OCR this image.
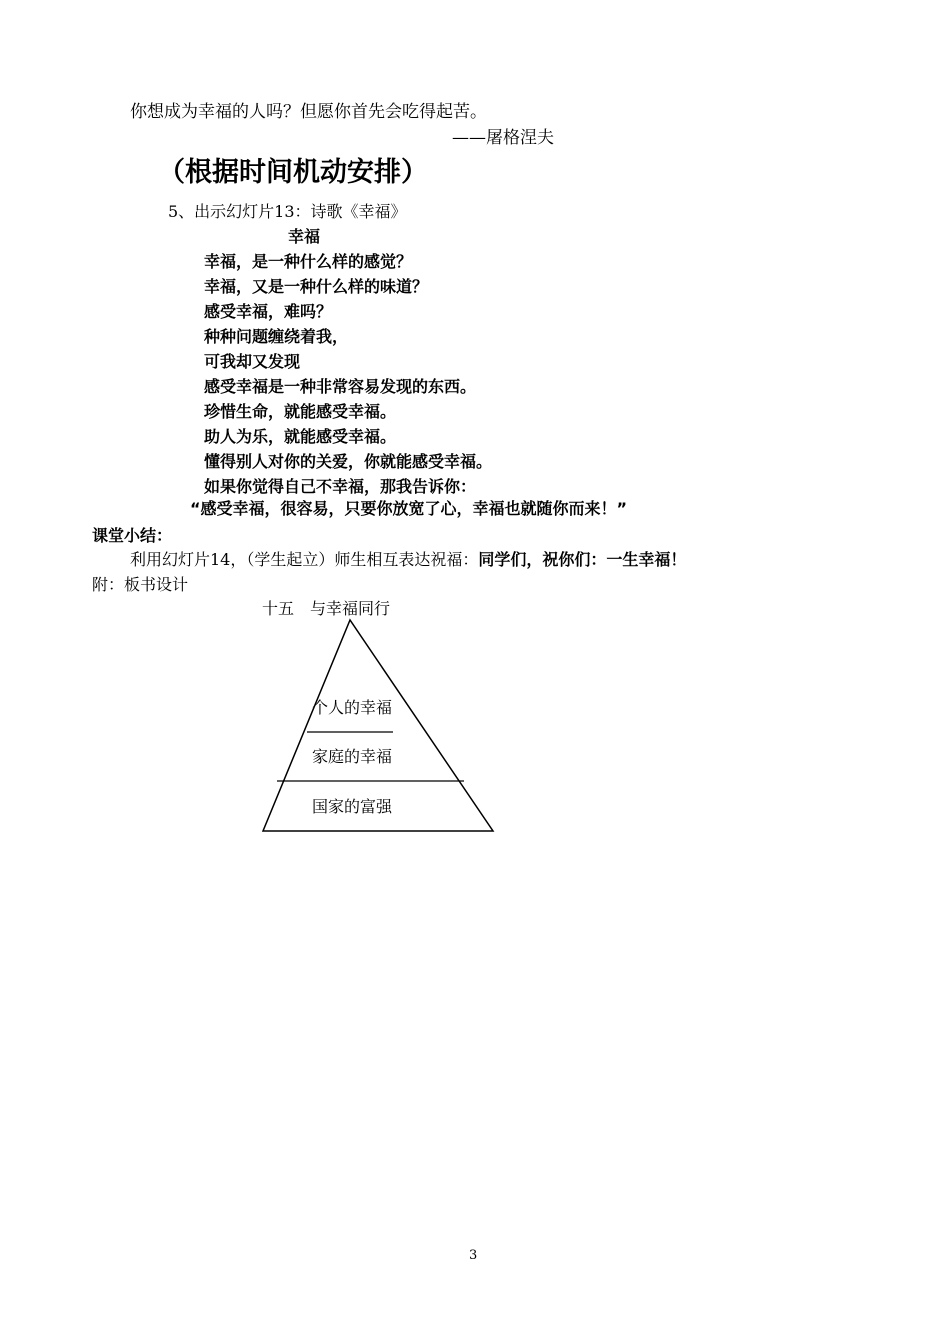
你想成为幸福的人吗？但愿你首先会吃得起苦。
——屠格涅夫
（根据时间机动安排）
5、出示幻灯片13：诗歌《幸福》
幸福
幸福，是一种什么样的感觉？
幸福，又是一种什么样的味道？
感受幸福，难吗？
种种问题缠绕着我，
可我却又发现
感受幸福是一种非常容易发现的东西。
珍惜生命，就能感受幸福。
助人为乐，就能感受幸福。
懂得别人对你的关爱，你就能感受幸福。
如果你觉得自己不幸福，那我告诉你：
“感受幸福，很容易，只要你放宽了心，幸福也就随你而来！”
课堂小结：
利用幻灯片14，（学生起立）师生相互表达祝福：同学们，祝你们：一生幸福！
附：板书设计
十五　与幸福同行
个人的幸福
家庭的幸福
国家的富强
3
